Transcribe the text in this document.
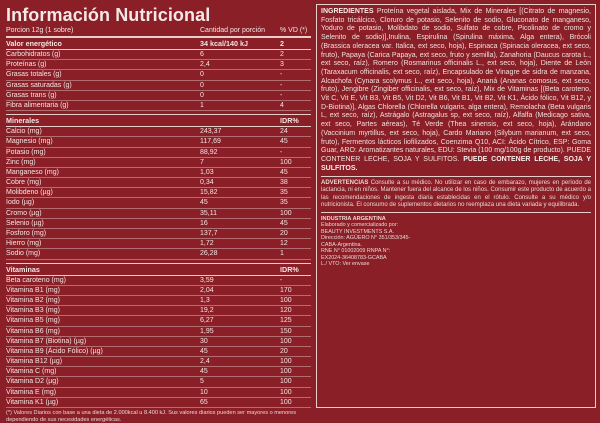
Información Nutricional
Porcion 12g (1 sobre)	Cantidad por porción	% VD (*)
Valor energético	34 kcal/140 kJ	2
Carbohidratos (g)	6	2
Proteínas (g)	2,4	3
Grasas totales (g)	0	-
Grasas saturadas (g)	0	-
Grasas trans (g)	0	-
Fibra alimentaria (g)	1	4
Minerales	IDR%
Calcio (mg)	243,37	24
Magnesio (mg)	117,69	45
Potasio (mg)	88,92	-
Zinc (mg)	7	100
Manganeso (mg)	1,03	45
Cobre (mg)	0,34	38
Molibdeno (µg)	15,82	35
Iodo (µg)	45	35
Cromo (µg)	35,11	100
Selenio (µg)	16	45
Fosforo (mg)	137,7	20
Hierro (mg)	1,72	12
Sodio (mg)	26,28	1
Vitaminas	IDR%
Beta caroteno (mg)	3,59	-
Vitamina B1 (mg)	2,04	170
Vitamina B2 (mg)	1,3	100
Vitamina B3 (mg)	19,2	120
Vitamina B5 (mg)	6,27	125
Vitamina B6 (mg)	1,95	150
Vitamina B7 (Biotina) (µg)	30	100
Vitamina B9 (Ácido Fólico) (µg)	45	20
Vitamina B12 (µg)	2,4	100
Vitamina C (mg)	45	100
Vitamina D2 (µg)	5	100
Vitamina E (mg)	10	100
Vitamina K1 (µg)	65	100
(*) Valores Diarios con base a una dieta de 2.000kcal u 8.400 kJ. Sus valores diarios pueden ser mayores o menores dependiendo de sus necesidades energéticas.
INGREDIENTES Proteína vegetal aislada, Mix de Minerales [(Citrato de magnesio, Fosfato tricálcico, Cloruro de potasio, Selenito de sodio, Gluconato de manganeso, Yoduro de potasio, Molibdato de sodio, Sulfato de cobre, Picolinato de cromo y Selenito de sodio)],Inulina, Espirulina (Spirulina máxima, Alga entera), Brócoli (Brassica oleracea var. Italica, ext seco, hoja), Espinaca (Spinacia oleracea, ext seco, fruto), Papaya (Carica Papaya, ext seco, fruto y semilla), Zanahoria (Daucus carota L., ext seco, raíz), Romero (Rosmarinus officinalis L., ext seco, hoja), Diente de León (Taraxacum officinalis, ext seco, raíz), Encapsulado de Vinagre de sidra de manzana, Alcachofa (Cynara scolymus L., ext seco, hoja), Ananá (Ananas comosus, ext seco, fruto), Jengibre (Zingiber officinalis, ext seco, raíz), Mix de Vitaminas [(Beta caroteno, Vit C, Vit E, Vit B3, Vit B5, Vit D2, Vit B6, Vit B1, Vit B2, Vit K1, Ácido fólico, Vit B12, y D-Biotina)], Algas Chlorella (Chlorella vulgaris, alga entera), Remolacha (Beta vulgaris L, ext seco, raíz), Astrágalo (Astragalus sp, ext seco, raíz), Alfalfa (Medicago sativa, ext seco, Partes aéreas), Té Verde (Thea sinensis, ext seco, hoja), Arándano (Vaccinium myrtillus, ext seco, hoja), Cardo Mariano (Silybum marianum, ext seco, fruto), Fermentos lácticos liofilizados, Coenzima Q10, ACI: Ácido Cítrico, ESP: Goma Guar, ARO: Aromatizantes naturales, EDU: Stevia (100 mg/100g de producto). PUEDE CONTENER LECHE, SOJA Y SULFITOS. PUEDE CONTENER LECHE, SOJA Y SULFITOS.
ADVERTENCIAS Consulte a su médico. No utilizar en caso de embarazo, mujeres en período de lactancia, ni en niños. Mantener fuera del alcance de los niños. Consumir este producto de acuerdo a las recomendaciones de ingesta diaria establecidas en el rótulo. Consulte a su médico y/o nutricionista. El consumo de suplementos dietarios no reemplaza una dieta variada y equilibrada.
INDUSTRIA ARGENTINA
Elaborado y comercializado por:
BEAUTY INVESTMENTS S.A.
Dirección: AGÜERO N° 351/353/345-
CABA-Argentina.
RNE N° 01002009 RNPA N°:
EX2024-36408783-GCABA
L./ VTO: Ver envase
